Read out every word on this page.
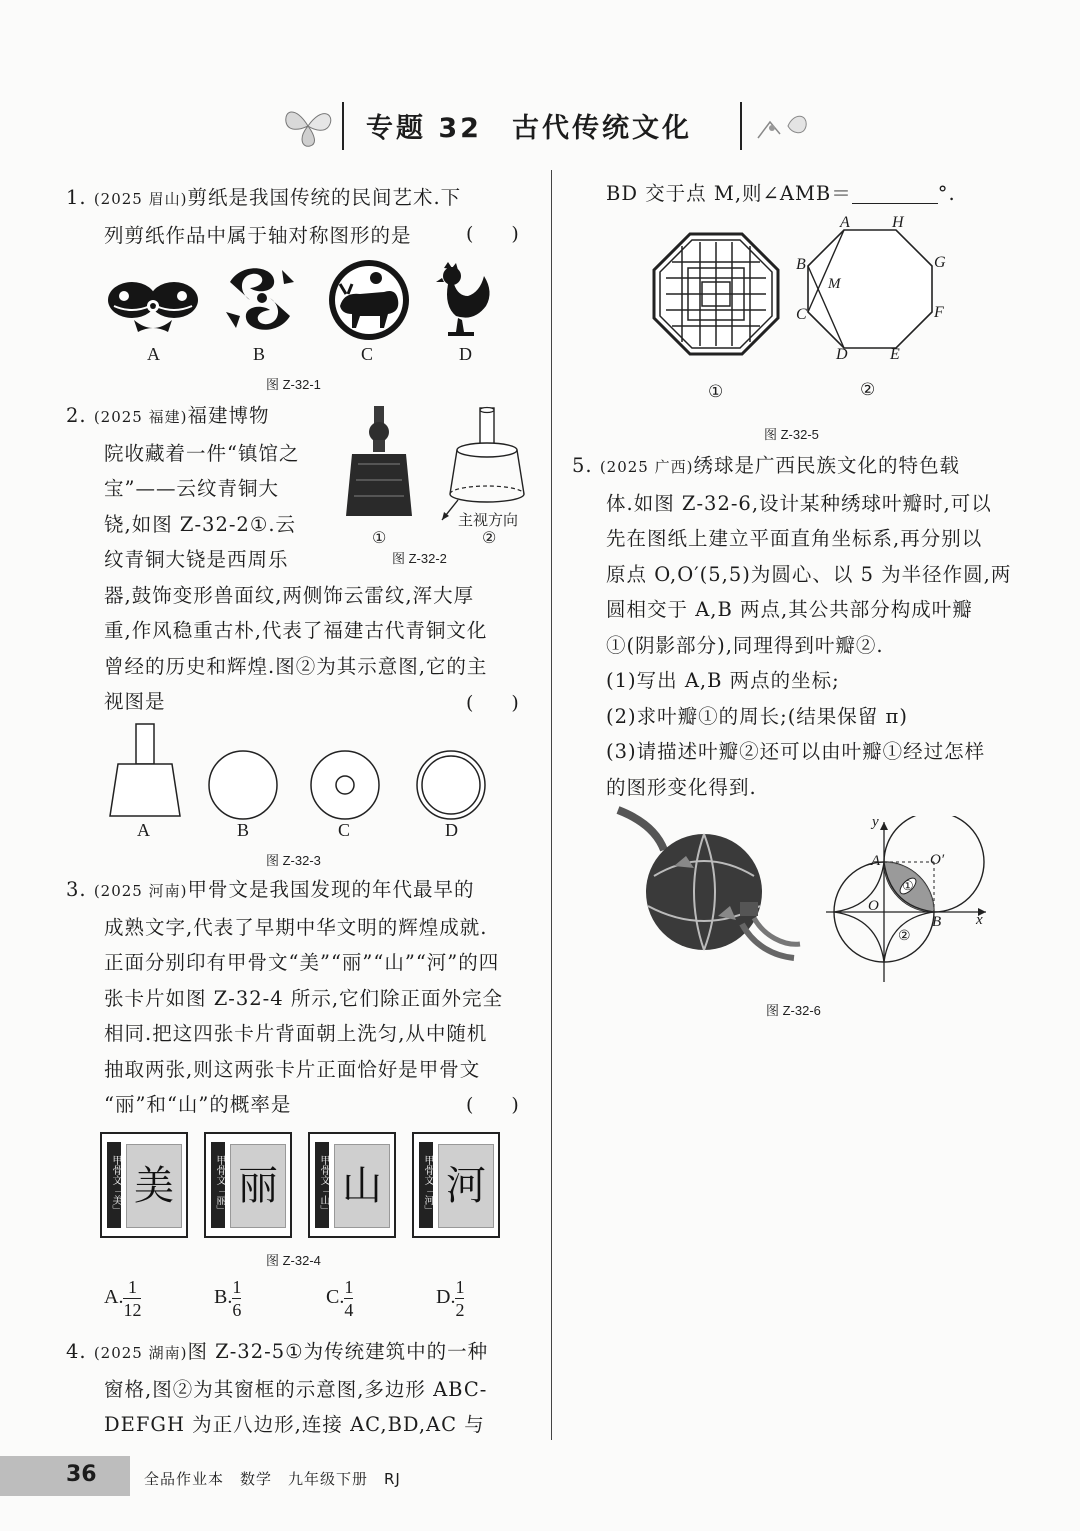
专题 32　古代传统文化
1. (2025 眉山)剪纸是我国传统的民间艺术.下
列剪纸作品中属于轴对称图形的是	(　　)
A	B	C	D
图 Z-32-1
2. (2025 福建)福建博物
院收藏着一件“镇馆之
宝”——云纹青铜大
铙,如图 Z-32-2①.云
纹青铜大铙是西周乐
器,鼓饰变形兽面纹,两侧饰云雷纹,浑大厚
重,作风稳重古朴,代表了福建古代青铜文化
曾经的历史和辉煌.图②为其示意图,它的主
视图是	(　　)
主视方向
①	②
图 Z-32-2
A	B	C	D
图 Z-32-3
3. (2025 河南)甲骨文是我国发现的年代最早的
成熟文字,代表了早期中华文明的辉煌成就.
正面分别印有甲骨文“美”“丽”“山”“河”的四
张卡片如图 Z-32-4 所示,它们除正面外完全
相同.把这四张卡片背面朝上洗匀,从中随机
抽取两张,则这两张卡片正面恰好是甲骨文
“丽”和“山”的概率是	(　　)
甲骨文「美」 美	甲骨文「丽」 丽	甲骨文「山」 山	甲骨文「河」 河
图 Z-32-4
A. $\frac{1}{12}$	B. $\frac{1}{6}$	C. $\frac{1}{4}$	D. $\frac{1}{2}$
4. (2025 湖南)图 Z-32-5①为传统建筑中的一种
窗格,图②为其窗框的示意图,多边形 ABC-
DEFGH 为正八边形,连接 AC,BD,AC 与
BD 交于点 M,则∠AMB＝	°.
A	H
G
F
E
D
C
B
M
①	②
图 Z-32-5
5. (2025 广西)绣球是广西民族文化的特色载
体.如图 Z-32-6,设计某种绣球叶瓣时,可以
先在图纸上建立平面直角坐标系,再分别以
原点 O,O′(5,5)为圆心、以 5 为半径作圆,两
圆相交于 A,B 两点,其公共部分构成叶瓣
①(阴影部分),同理得到叶瓣②.
(1)写出 A,B 两点的坐标;
(2)求叶瓣①的周长;(结果保留 π)
(3)请描述叶瓣②还可以由叶瓣①经过怎样
的图形变化得到.
y
x
A
O
O′
B
①
②
图 Z-32-6
36	全品作业本　数学　九年级下册　RJ
